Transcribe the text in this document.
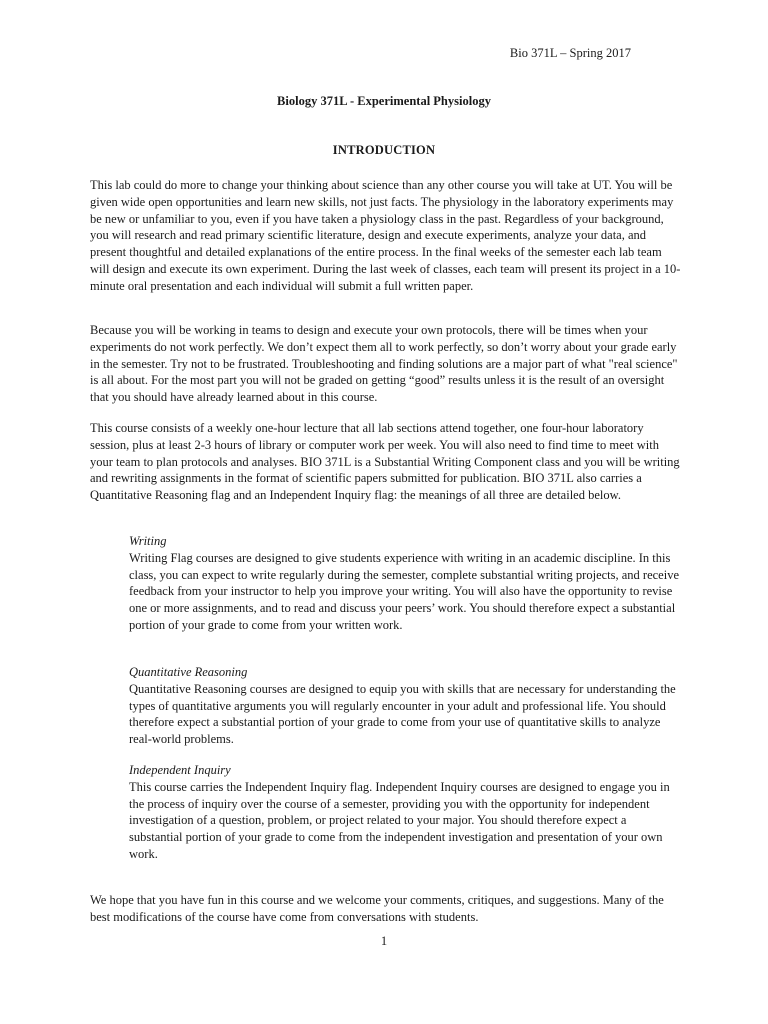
Bio 371L – Spring 2017
Biology 371L - Experimental Physiology
INTRODUCTION

This lab could do more to change your thinking about science than any other course you will take at UT. You will be given wide open opportunities and learn new skills, not just facts. The physiology in the laboratory experiments may be new or unfamiliar to you, even if you have taken a physiology class in the past. Regardless of your background, you will research and read primary scientific literature, design and execute experiments, analyze your data, and present thoughtful and detailed explanations of the entire process. In the final weeks of the semester each lab team will design and execute its own experiment. During the last week of classes, each team will present its project in a 10-minute oral presentation and each individual will submit a full written paper.

Because you will be working in teams to design and execute your own protocols, there will be times when your experiments do not work perfectly. We don’t expect them all to work perfectly, so don’t worry about your grade early in the semester. Try not to be frustrated. Troubleshooting and finding solutions are a major part of what "real science" is all about. For the most part you will not be graded on getting “good” results unless it is the result of an oversight that you should have already learned about in this course.

This course consists of a weekly one-hour lecture that all lab sections attend together, one four-hour laboratory session, plus at least 2-3 hours of library or computer work per week. You will also need to find time to meet with your team to plan protocols and analyses. BIO 371L is a Substantial Writing Component class and you will be writing and rewriting assignments in the format of scientific papers submitted for publication. BIO 371L also carries a Quantitative Reasoning flag and an Independent Inquiry flag: the meanings of all three are detailed below.

Writing

Writing Flag courses are designed to give students experience with writing in an academic discipline. In this class, you can expect to write regularly during the semester, complete substantial writing projects, and receive feedback from your instructor to help you improve your writing. You will also have the opportunity to revise one or more assignments, and to read and discuss your peers’ work. You should therefore expect a substantial portion of your grade to come from your written work.

Quantitative Reasoning

Quantitative Reasoning courses are designed to equip you with skills that are necessary for understanding the types of quantitative arguments you will regularly encounter in your adult and professional life. You should therefore expect a substantial portion of your grade to come from your use of quantitative skills to analyze real-world problems.

Independent Inquiry

This course carries the Independent Inquiry flag. Independent Inquiry courses are designed to engage you in the process of inquiry over the course of a semester, providing you with the opportunity for independent investigation of a question, problem, or project related to your major. You should therefore expect a substantial portion of your grade to come from the independent investigation and presentation of your own work.

We hope that you have fun in this course and we welcome your comments, critiques, and suggestions. Many of the best modifications of the course have come from conversations with students.

1
